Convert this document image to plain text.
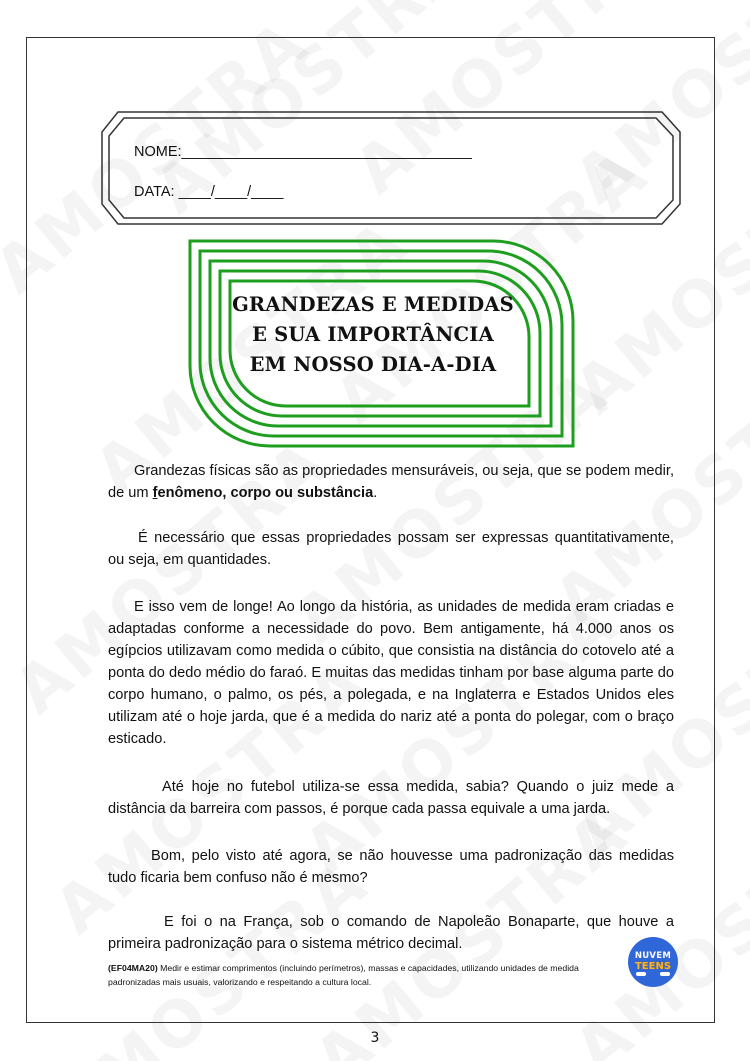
NOME:____________________________________
DATA: ____/____/____
GRANDEZAS E MEDIDAS
E SUA IMPORTÂNCIA
EM NOSSO DIA-A-DIA

Grandezas físicas são as propriedades mensuráveis, ou seja, que se podem medir, de um fenômeno, corpo ou substância.

É necessário que essas propriedades possam ser expressas quantitativamente, ou seja, em quantidades.

E isso vem de longe! Ao longo da história, as unidades de medida eram criadas e adaptadas conforme a necessidade do povo. Bem antigamente, há 4.000 anos os egípcios utilizavam como medida o cúbito, que consistia na distância do cotovelo até a ponta do dedo médio do faraó. E muitas das medidas tinham por base alguma parte do corpo humano, o palmo, os pés, a polegada, e na Inglaterra e Estados Unidos eles utilizam até o hoje jarda, que é a medida do nariz até a ponta do polegar, com o braço esticado.

Até hoje no futebol utiliza-se essa medida, sabia? Quando o juiz mede a distância da barreira com passos, é porque cada passa equivale a uma jarda.

Bom, pelo visto até agora, se não houvesse uma padronização das medidas tudo ficaria bem confuso não é mesmo?

E foi o na França, sob o comando de Napoleão Bonaparte, que houve a primeira padronização para o sistema métrico decimal.

(EF04MA20) Medir e estimar comprimentos (incluindo perímetros), massas e capacidades, utilizando unidades de medida padronizadas mais usuais, valorizando e respeitando a cultura local.
NUVEM
TEENS
3
